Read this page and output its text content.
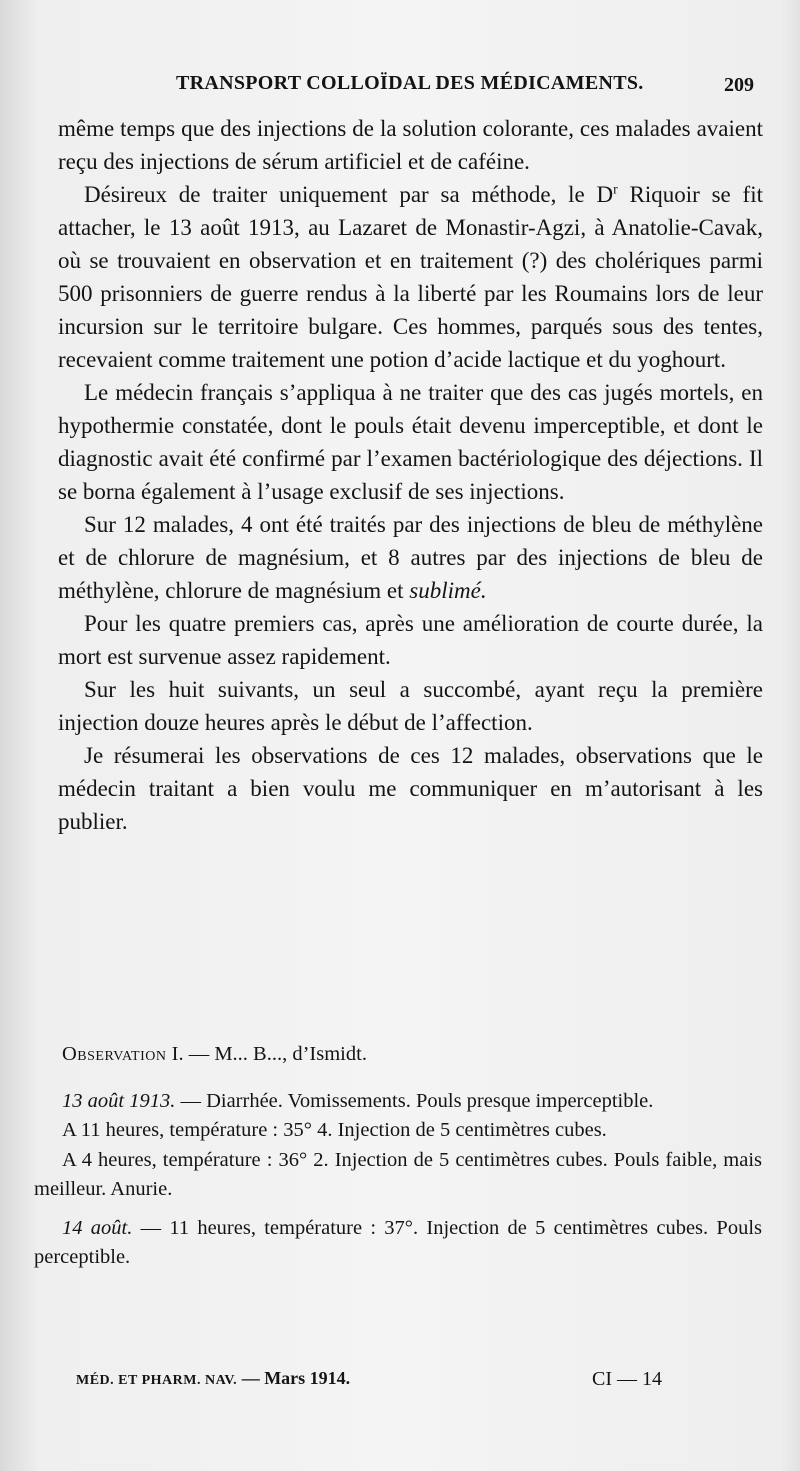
TRANSPORT COLLOÏDAL DES MÉDICAMENTS.	209

même temps que des injections de la solution colorante, ces malades avaient reçu des injections de sérum artificiel et de caféine.

Désireux de traiter uniquement par sa méthode, le $D^r$ Riquoir se fit attacher, le 13 août 1913, au Lazaret de Monastir-Agzi, à Anatolie-Cavak, où se trouvaient en observation et en traitement (?) des cholériques parmi 500 prisonniers de guerre rendus à la liberté par les Roumains lors de leur incursion sur le territoire bulgare. Ces hommes, parqués sous des tentes, recevaient comme traitement une potion d’acide lactique et du yoghourt.

Le médecin français s’appliqua à ne traiter que des cas jugés mortels, en hypothermie constatée, dont le pouls était devenu imperceptible, et dont le diagnostic avait été confirmé par l’examen bactériologique des déjections. Il se borna également à l’usage exclusif de ses injections.

Sur 12 malades, 4 ont été traités par des injections de bleu de méthylène et de chlorure de magnésium, et 8 autres par des injections de bleu de méthylène, chlorure de magnésium et sublimé.

Pour les quatre premiers cas, après une amélioration de courte durée, la mort est survenue assez rapidement.

Sur les huit suivants, un seul a succombé, ayant reçu la première injection douze heures après le début de l’affection.

Je résumerai les observations de ces 12 malades, observations que le médecin traitant a bien voulu me communiquer en m’autorisant à les publier.

Observation I. — M... B..., d’Ismidt.

13 août 1913. — Diarrhée. Vomissements. Pouls presque imperceptible.

A 11 heures, température : 35° 4. Injection de 5 centimètres cubes.

A 4 heures, température : 36° 2. Injection de 5 centimètres cubes. Pouls faible, mais meilleur. Anurie.

14 août. — 11 heures, température : 37°. Injection de 5 centimètres cubes. Pouls perceptible.

MÉD. ET PHARM. NAV. — Mars 1914.	CI — 14
